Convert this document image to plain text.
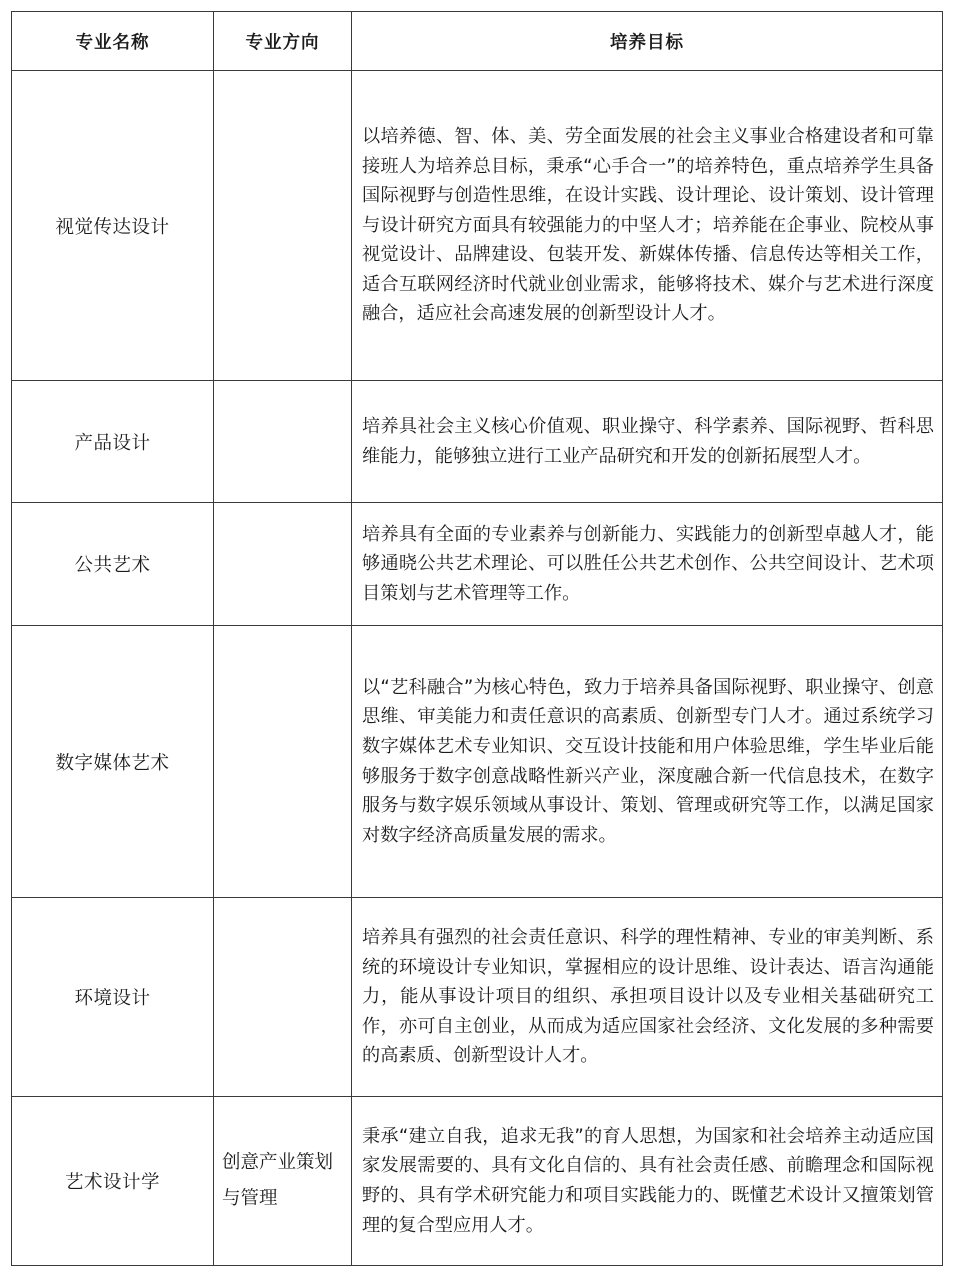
专业名称	专业方向	培养目标
视觉传达设计		以培养德、智、体、美、劳全面发展的社会主义事业合格建设者和可靠接班人为培养总目标，秉承“心手合一”的培养特色，重点培养学生具备国际视野与创造性思维，在设计实践、设计理论、设计策划、设计管理与设计研究方面具有较强能力的中坚人才；培养能在企事业、院校从事视觉设计、品牌建设、包装开发、新媒体传播、信息传达等相关工作，适合互联网经济时代就业创业需求，能够将技术、媒介与艺术进行深度融合，适应社会高速发展的创新型设计人才。
产品设计		培养具社会主义核心价值观、职业操守、科学素养、国际视野、哲科思维能力，能够独立进行工业产品研究和开发的创新拓展型人才。
公共艺术		培养具有全面的专业素养与创新能力、实践能力的创新型卓越人才，能够通晓公共艺术理论、可以胜任公共艺术创作、公共空间设计、艺术项目策划与艺术管理等工作。
数字媒体艺术		以“艺科融合”为核心特色，致力于培养具备国际视野、职业操守、创意思维、审美能力和责任意识的高素质、创新型专门人才。通过系统学习数字媒体艺术专业知识、交互设计技能和用户体验思维，学生毕业后能够服务于数字创意战略性新兴产业，深度融合新一代信息技术，在数字服务与数字娱乐领域从事设计、策划、管理或研究等工作，以满足国家对数字经济高质量发展的需求。
环境设计		培养具有强烈的社会责任意识、科学的理性精神、专业的审美判断、系统的环境设计专业知识，掌握相应的设计思维、设计表达、语言沟通能力，能从事设计项目的组织、承担项目设计以及专业相关基础研究工作，亦可自主创业，从而成为适应国家社会经济、文化发展的多种需要的高素质、创新型设计人才。
艺术设计学	创意产业策划与管理	秉承“建立自我，追求无我”的育人思想，为国家和社会培养主动适应国家发展需要的、具有文化自信的、具有社会责任感、前瞻理念和国际视野的、具有学术研究能力和项目实践能力的、既懂艺术设计又擅策划管理的复合型应用人才。
